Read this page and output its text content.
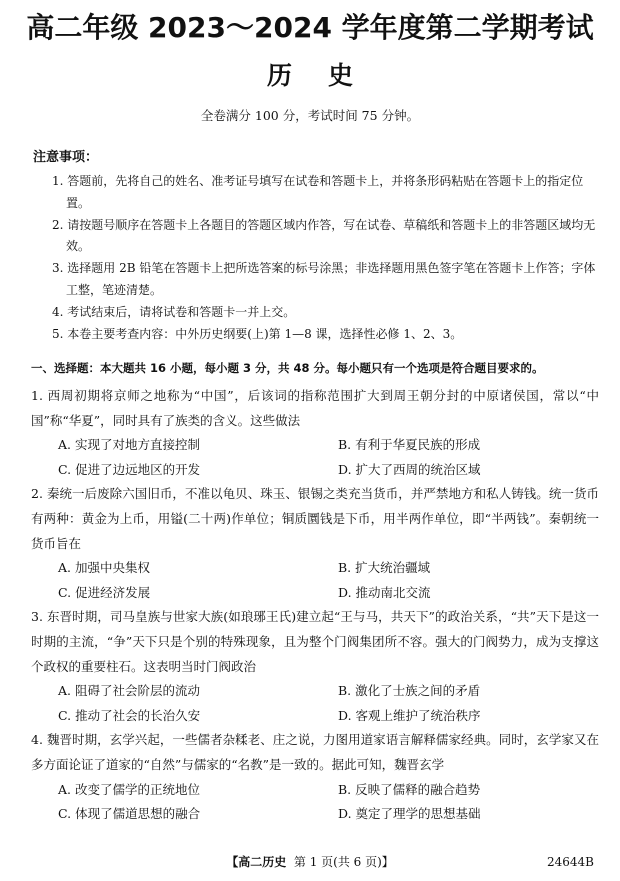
高二年级 2023～2024 学年度第二学期考试
历史
全卷满分 100 分，考试时间 75 分钟。
注意事项：

1. 答题前，先将自己的姓名、准考证号填写在试卷和答题卡上，并将条形码粘贴在答题卡上的指定位置。

2. 请按题号顺序在答题卡上各题目的答题区域内作答，写在试卷、草稿纸和答题卡上的非答题区域均无效。

3. 选择题用 2B 铅笔在答题卡上把所选答案的标号涂黑；非选择题用黑色签字笔在答题卡上作答；字体工整，笔迹清楚。

4. 考试结束后，请将试卷和答题卡一并上交。

5. 本卷主要考查内容：中外历史纲要(上)第 1—8 课，选择性必修 1、2、3。

一、选择题：本大题共 16 小题，每小题 3 分，共 48 分。每小题只有一个选项是符合题目要求的。

1. 西周初期将京师之地称为“中国”，后该词的指称范围扩大到周王朝分封的中原诸侯国，常以“中国”称“华夏”，同时具有了族类的含义。这些做法

A. 实现了对地方直接控制	B. 有利于华夏民族的形成
C. 促进了边远地区的开发	D. 扩大了西周的统治区域

2. 秦统一后废除六国旧币，不准以龟贝、珠玉、银锡之类充当货币，并严禁地方和私人铸钱。统一货币有两种：黄金为上币，用镒(二十两)作单位；铜质圜钱是下币，用半两作单位，即“半两钱”。秦朝统一货币旨在

A. 加强中央集权	B. 扩大统治疆域
C. 促进经济发展	D. 推动南北交流

3. 东晋时期，司马皇族与世家大族(如琅琊王氏)建立起“王与马，共天下”的政治关系，“共”天下是这一时期的主流，“争”天下只是个别的特殊现象，且为整个门阀集团所不容。强大的门阀势力，成为支撑这个政权的重要柱石。这表明当时门阀政治

A. 阻碍了社会阶层的流动	B. 激化了士族之间的矛盾
C. 推动了社会的长治久安	D. 客观上维护了统治秩序

4. 魏晋时期，玄学兴起，一些儒者杂糅老、庄之说，力图用道家语言解释儒家经典。同时，玄学家又在多方面论证了道家的“自然”与儒家的“名教”是一致的。据此可知，魏晋玄学

A. 改变了儒学的正统地位	B. 反映了儒释的融合趋势
C. 体现了儒道思想的融合	D. 奠定了理学的思想基础
【高二历史 第 1 页(共 6 页)】	24644B
